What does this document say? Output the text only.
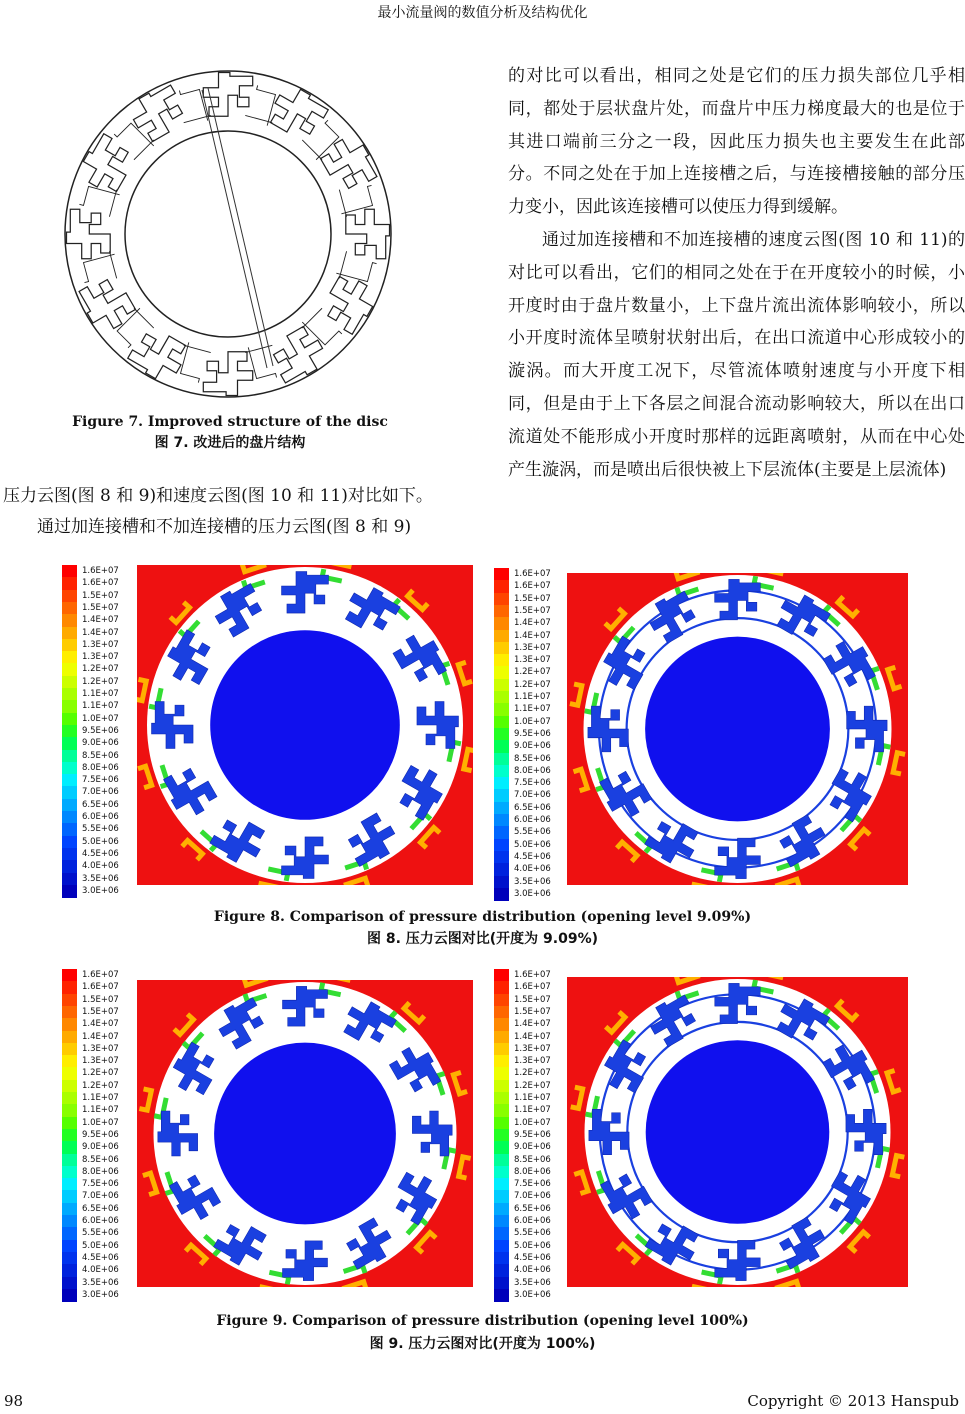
最小流量阀的数值分析及结构优化
Figure 7. Improved structure of the disc
图 7. 改进后的盘片结构

压力云图(图 8 和 9)和速度云图(图 10 和 11)对比如下。

通过加连接槽和不加连接槽的压力云图(图 8 和 9)

的对比可以看出，相同之处是它们的压力损失部位几乎相同，都处于层状盘片处，而盘片中压力梯度最大的也是位于其进口端前三分之一段，因此压力损失也主要发生在此部分。不同之处在于加上连接槽之后，与连接槽接触的部分压力变小，因此该连接槽可以使压力得到缓解。

通过加连接槽和不加连接槽的速度云图(图 10 和 11)的对比可以看出，它们的相同之处在于在开度较小的时候，小开度时由于盘片数量小，上下盘片流出流体影响较小，所以小开度时流体呈喷射状射出后，在出口流道中心形成较小的漩涡。而大开度工况下，尽管流体喷射速度与小开度下相同，但是由于上下各层之间混合流动影响较大，所以在出口流道处不能形成小开度时那样的远距离喷射，从而在中心处产生漩涡，而是喷出后很快被上下层流体(主要是上层流体)

1.6E+07
1.6E+07
1.5E+07
1.5E+07
1.4E+07
1.4E+07
1.3E+07
1.3E+07
1.2E+07
1.2E+07
1.1E+07
1.1E+07
1.0E+07
9.5E+06
9.0E+06
8.5E+06
8.0E+06
7.5E+06
7.0E+06
6.5E+06
6.0E+06
5.5E+06
5.0E+06
4.5E+06
4.0E+06
3.5E+06
3.0E+06
1.6E+07
1.6E+07
1.5E+07
1.5E+07
1.4E+07
1.4E+07
1.3E+07
1.3E+07
1.2E+07
1.2E+07
1.1E+07
1.1E+07
1.0E+07
9.5E+06
9.0E+06
8.5E+06
8.0E+06
7.5E+06
7.0E+06
6.5E+06
6.0E+06
5.5E+06
5.0E+06
4.5E+06
4.0E+06
3.5E+06
3.0E+06
Figure 8. Comparison of pressure distribution (opening level 9.09%)
图 8. 压力云图对比(开度为 9.09%)
1.6E+07
1.6E+07
1.5E+07
1.5E+07
1.4E+07
1.4E+07
1.3E+07
1.3E+07
1.2E+07
1.2E+07
1.1E+07
1.1E+07
1.0E+07
9.5E+06
9.0E+06
8.5E+06
8.0E+06
7.5E+06
7.0E+06
6.5E+06
6.0E+06
5.5E+06
5.0E+06
4.5E+06
4.0E+06
3.5E+06
3.0E+06
1.6E+07
1.6E+07
1.5E+07
1.5E+07
1.4E+07
1.4E+07
1.3E+07
1.3E+07
1.2E+07
1.2E+07
1.1E+07
1.1E+07
1.0E+07
9.5E+06
9.0E+06
8.5E+06
8.0E+06
7.5E+06
7.0E+06
6.5E+06
6.0E+06
5.5E+06
5.0E+06
4.5E+06
4.0E+06
3.5E+06
3.0E+06
Figure 9. Comparison of pressure distribution (opening level 100%)
图 9. 压力云图对比(开度为 100%)
98	Copyright © 2013 Hanspub
